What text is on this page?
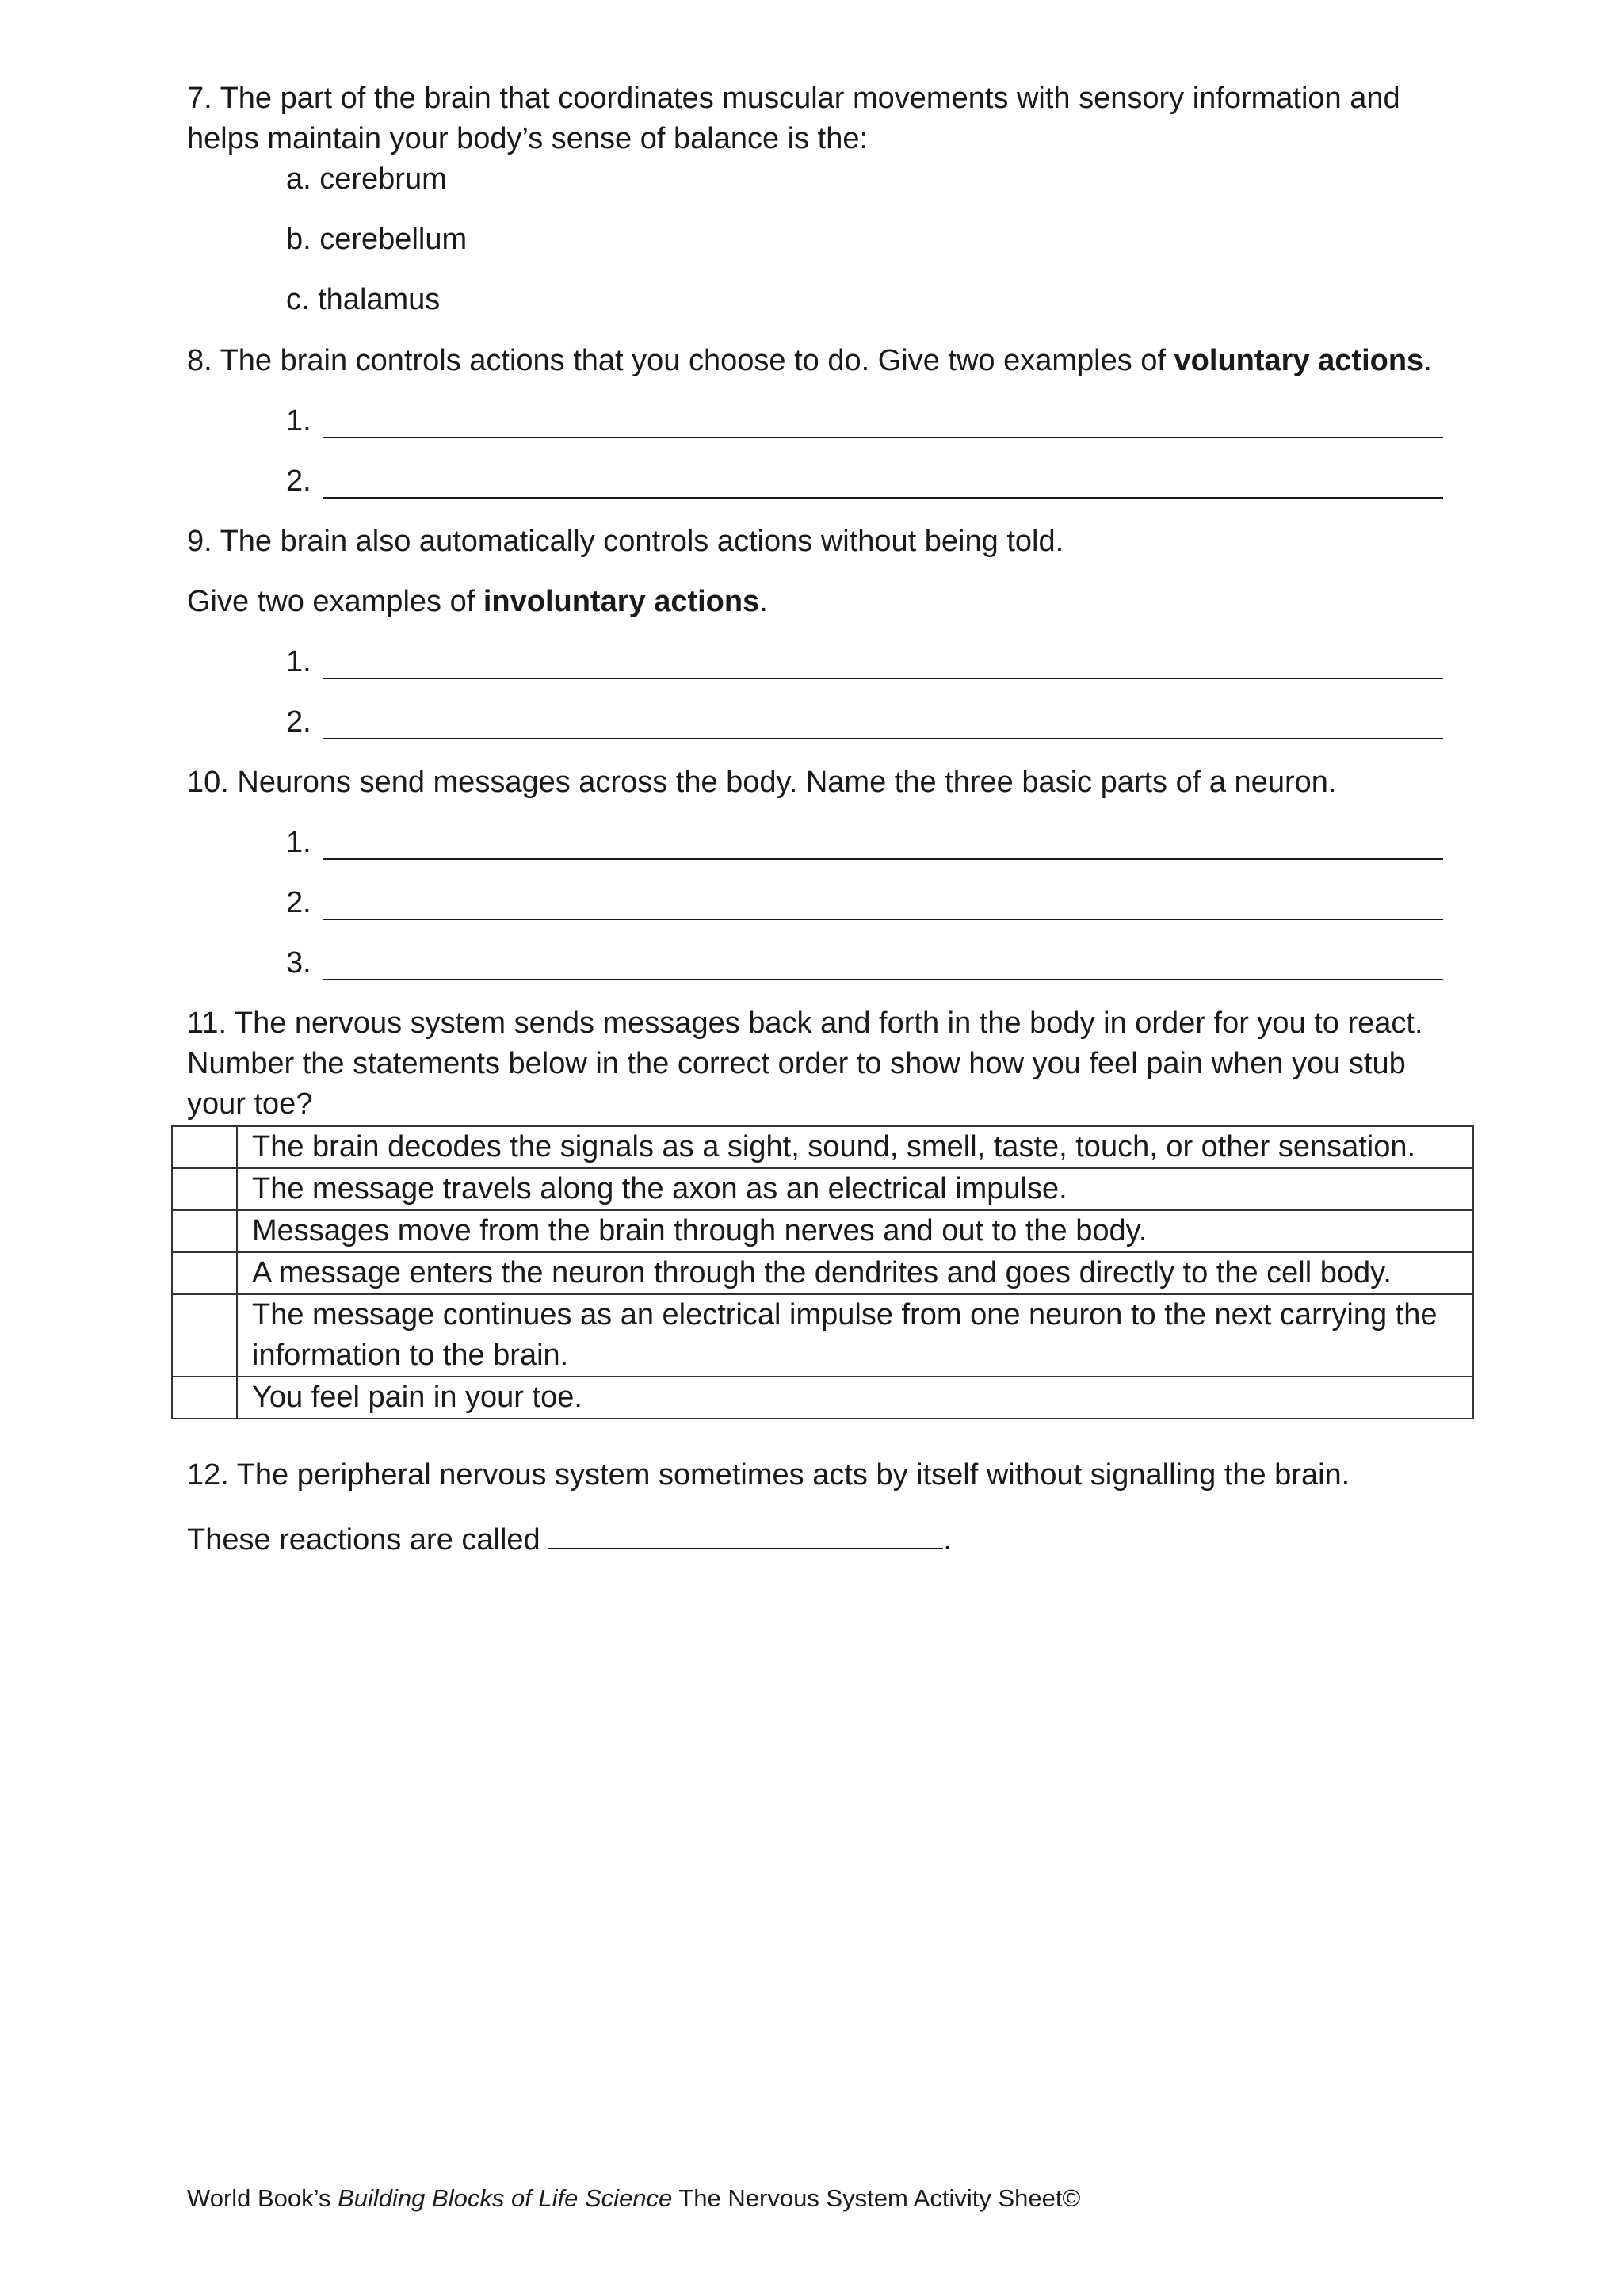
7. The part of the brain that coordinates muscular movements with sensory information and
helps maintain your body’s sense of balance is the:
a. cerebrum
b. cerebellum
c. thalamus
8. The brain controls actions that you choose to do. Give two examples of voluntary actions.
1.
2.
9. The brain also automatically controls actions without being told.
Give two examples of involuntary actions.
1.
2.
10. Neurons send messages across the body. Name the three basic parts of a neuron.
1.
2.
3.
11. The nervous system sends messages back and forth in the body in order for you to react.
Number the statements below in the correct order to show how you feel pain when you stub
your toe?
	The brain decodes the signals as a sight, sound, smell, taste, touch, or other sensation.
	The message travels along the axon as an electrical impulse.
	Messages move from the brain through nerves and out to the body.
	A message enters the neuron through the dendrites and goes directly to the cell body.
	The message continues as an electrical impulse from one neuron to the next carrying the information to the brain.
	You feel pain in your toe.
12. The peripheral nervous system sometimes acts by itself without signalling the brain.
These reactions are called	.
World Book’s Building Blocks of Life Science The Nervous System Activity Sheet©
